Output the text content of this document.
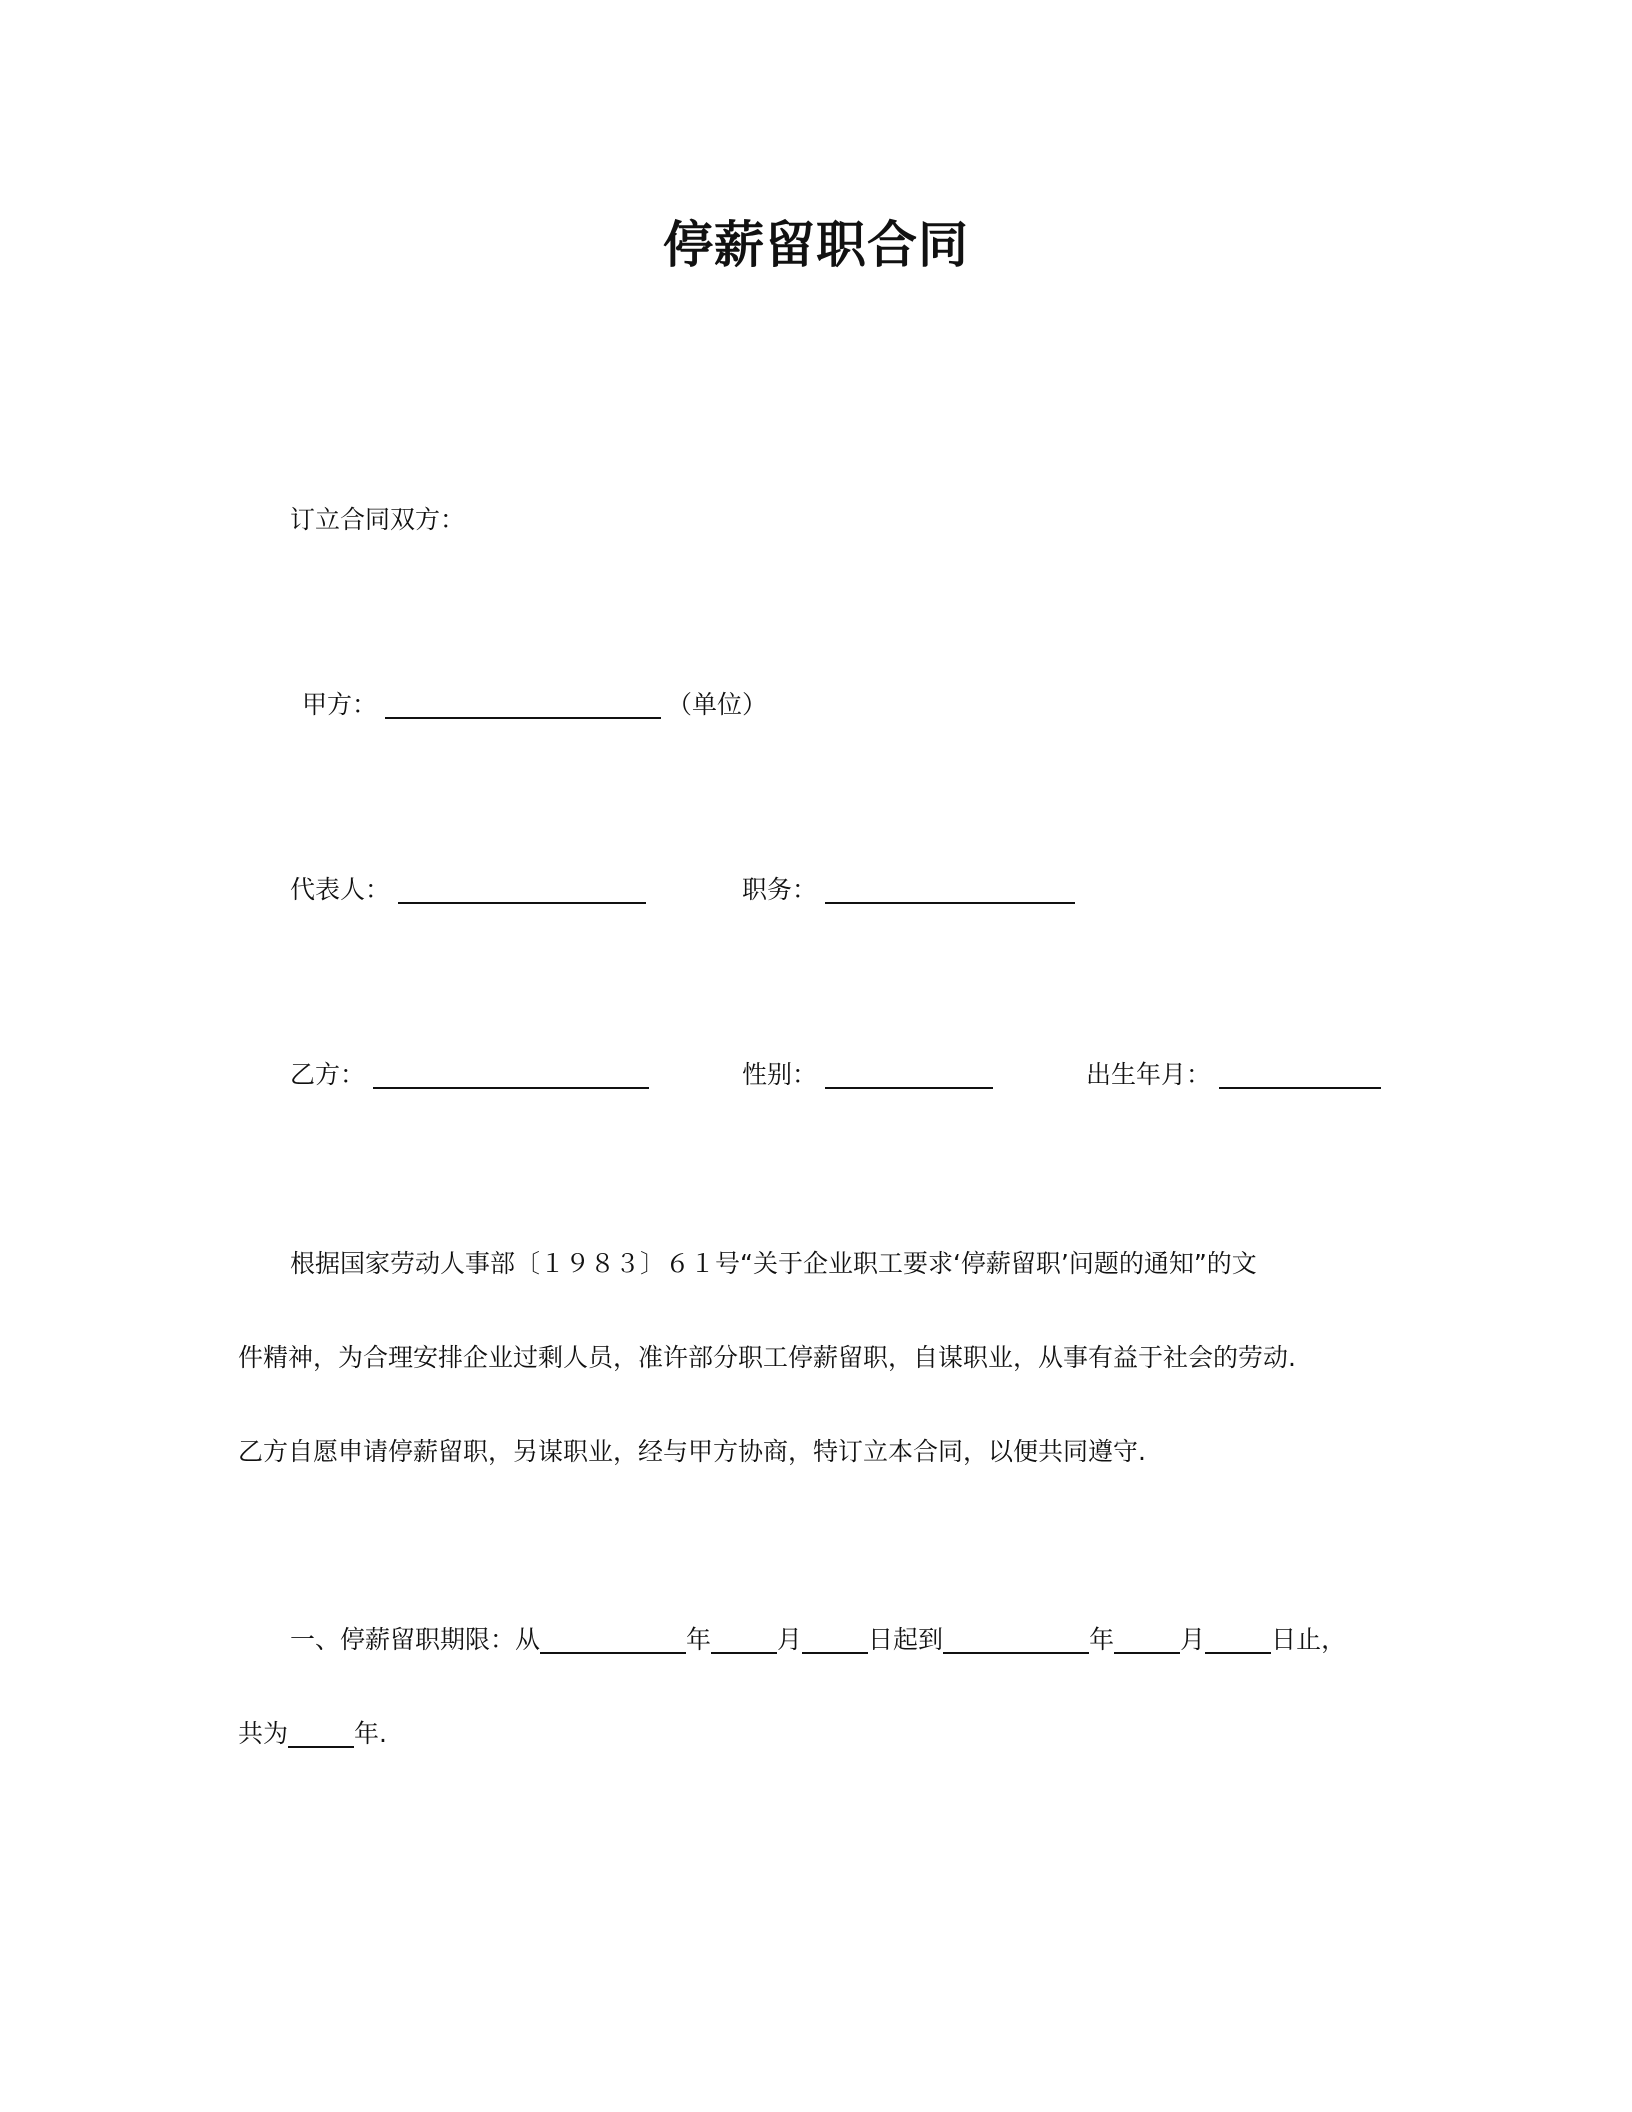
停薪留职合同
订立合同双方：
甲方：	（单位）
代表人：	职务：
乙方：	性别：	出生年月：
根据国家劳动人事部〔１９８３〕６１号“关于企业职工要求‘停薪留职’问题的通知”的文
件精神，为合理安排企业过剩人员，准许部分职工停薪留职，自谋职业，从事有益于社会的劳动.
乙方自愿申请停薪留职，另谋职业，经与甲方协商，特订立本合同，以便共同遵守.
一、停薪留职期限：从	年	月	日起到	年	月	日止，
共为	年.
